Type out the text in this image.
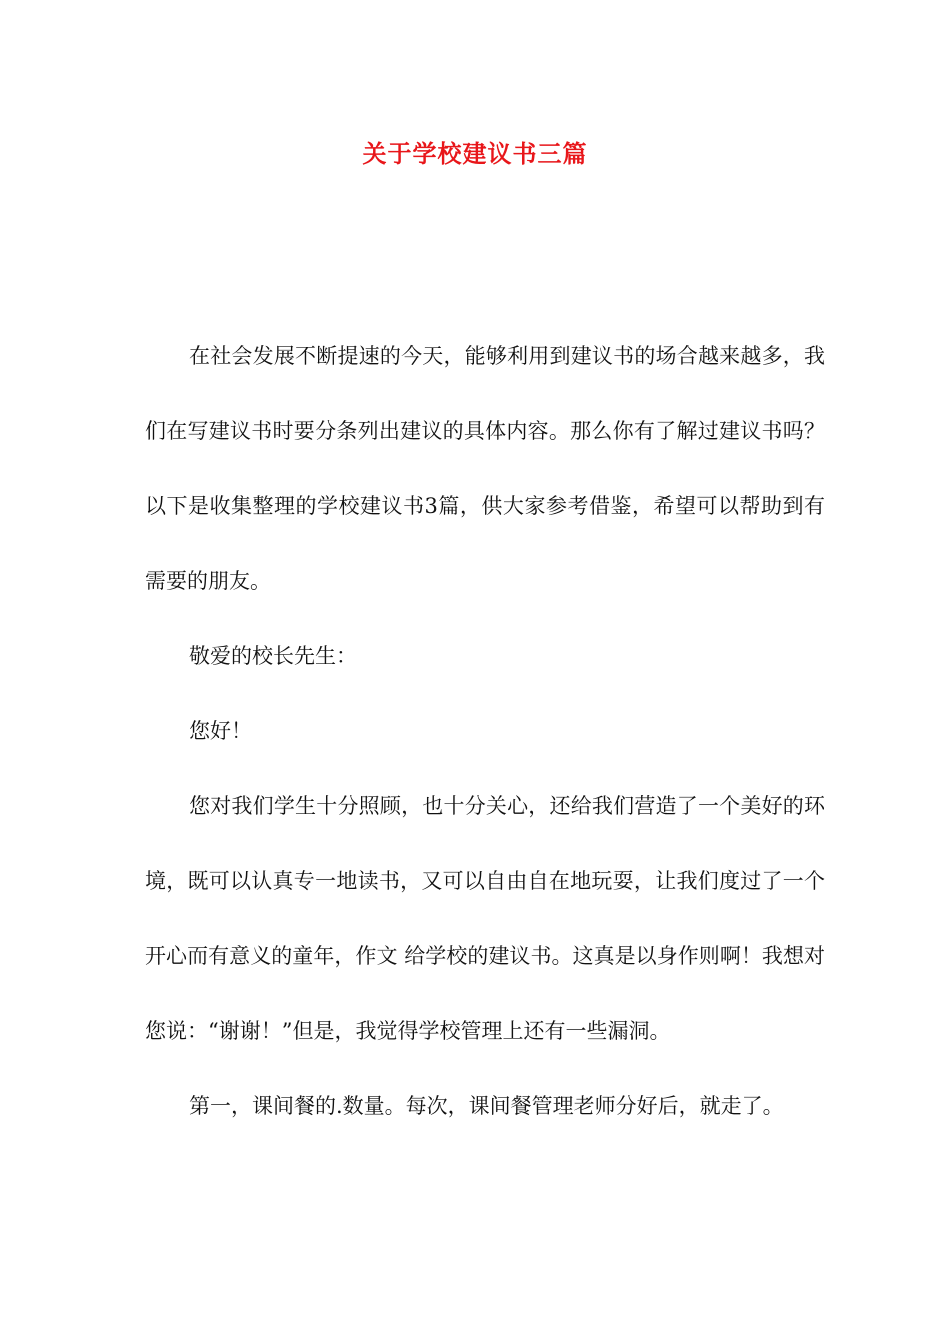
关于学校建议书三篇

在社会发展不断提速的今天，能够利用到建议书的场合越来越多，我们在写建议书时要分条列出建议的具体内容。那么你有了解过建议书吗？以下是收集整理的学校建议书3篇，供大家参考借鉴，希望可以帮助到有需要的朋友。

敬爱的校长先生：

您好！

您对我们学生十分照顾，也十分关心，还给我们营造了一个美好的环境，既可以认真专一地读书，又可以自由自在地玩耍，让我们度过了一个开心而有意义的童年，作文 给学校的建议书。这真是以身作则啊！我想对您说：“谢谢！”但是，我觉得学校管理上还有一些漏洞。

第一，课间餐的.数量。每次，课间餐管理老师分好后，就走了。
